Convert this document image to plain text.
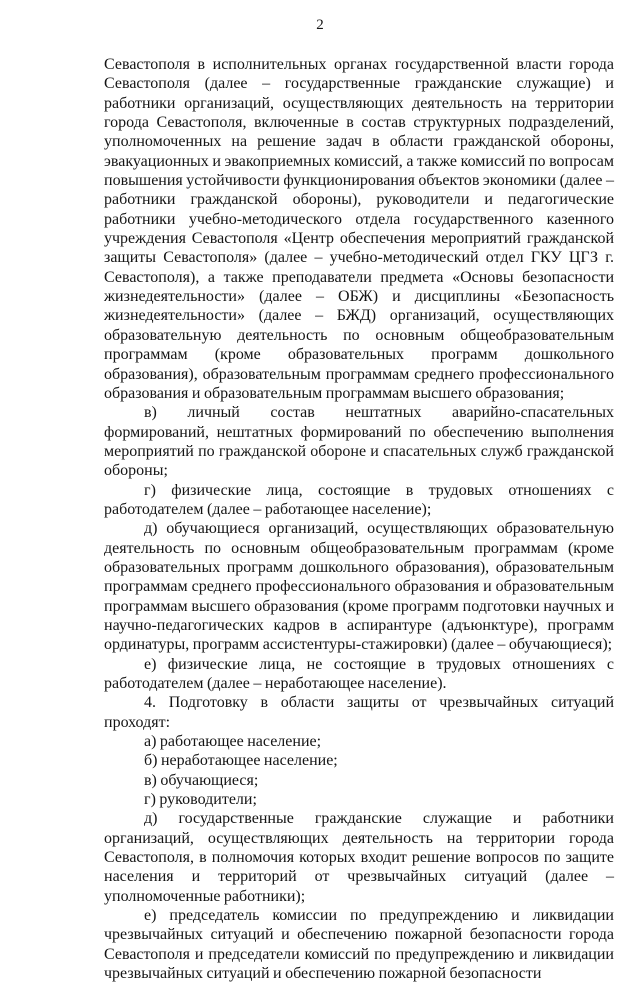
2

Севастополя в исполнительных органах государственной власти города Севастополя (далее – государственные гражданские служащие) и работники организаций, осуществляющих деятельность на территории города Севастополя, включенные в состав структурных подразделений, уполномоченных на решение задач в области гражданской обороны, эвакуационных и эвакоприемных комиссий, а также комиссий по вопросам повышения устойчивости функционирования объектов экономики (далее – работники гражданской обороны), руководители и педагогические работники учебно-методического отдела государственного казенного учреждения Севастополя «Центр обеспечения мероприятий гражданской защиты Севастополя» (далее – учебно-методический отдел ГКУ ЦГЗ г. Севастополя), а также преподаватели предмета «Основы безопасности жизнедеятельности» (далее – ОБЖ) и дисциплины «Безопасность жизнедеятельности» (далее – БЖД) организаций, осуществляющих образовательную деятельность по основным общеобразовательным программам (кроме образовательных программ дошкольного образования), образовательным программам среднего профессионального образования и образовательным программам высшего образования;

в) личный состав нештатных аварийно-спасательных формирований, нештатных формирований по обеспечению выполнения мероприятий по гражданской обороне и спасательных служб гражданской обороны;

г) физические лица, состоящие в трудовых отношениях с работодателем (далее – работающее население);

д) обучающиеся организаций, осуществляющих образовательную деятельность по основным общеобразовательным программам (кроме образовательных программ дошкольного образования), образовательным программам среднего профессионального образования и образовательным программам высшего образования (кроме программ подготовки научных и научно-педагогических кадров в аспирантуре (адъюнктуре), программ ординатуры, программ ассистентуры-стажировки) (далее – обучающиеся);

е) физические лица, не состоящие в трудовых отношениях с работодателем (далее – неработающее население).

4. Подготовку в области защиты от чрезвычайных ситуаций проходят:

а) работающее население;

б) неработающее население;

в) обучающиеся;

г) руководители;

д) государственные гражданские служащие и работники организаций, осуществляющих деятельность на территории города Севастополя, в полномочия которых входит решение вопросов по защите населения и территорий от чрезвычайных ситуаций (далее – уполномоченные работники);

е) председатель комиссии по предупреждению и ликвидации чрезвычайных ситуаций и обеспечению пожарной безопасности города Севастополя и председатели комиссий по предупреждению и ликвидации чрезвычайных ситуаций и обеспечению пожарной безопасности
